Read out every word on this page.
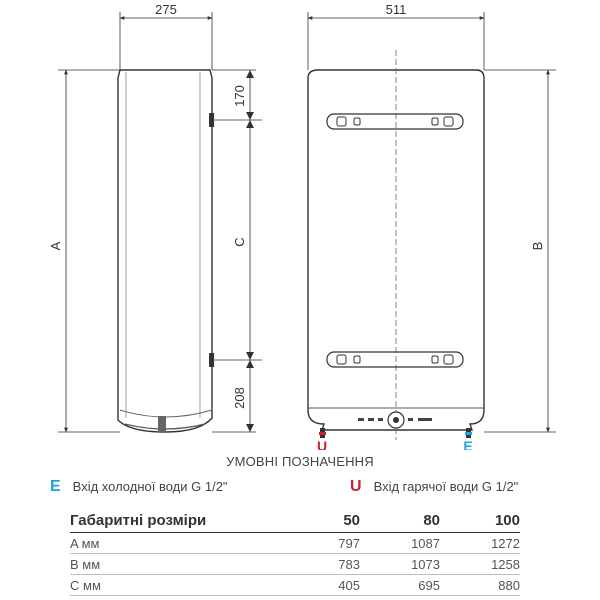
275
A
170
C
208
U	E
511
B
УМОВНІ ПОЗНАЧЕННЯ
E Вхід холодної води G 1/2"	U Вхід гарячої води G 1/2"
Габаритні розміри	50	80	100
A мм	797	1087	1272
B мм	783	1073	1258
C мм	405	695	880
